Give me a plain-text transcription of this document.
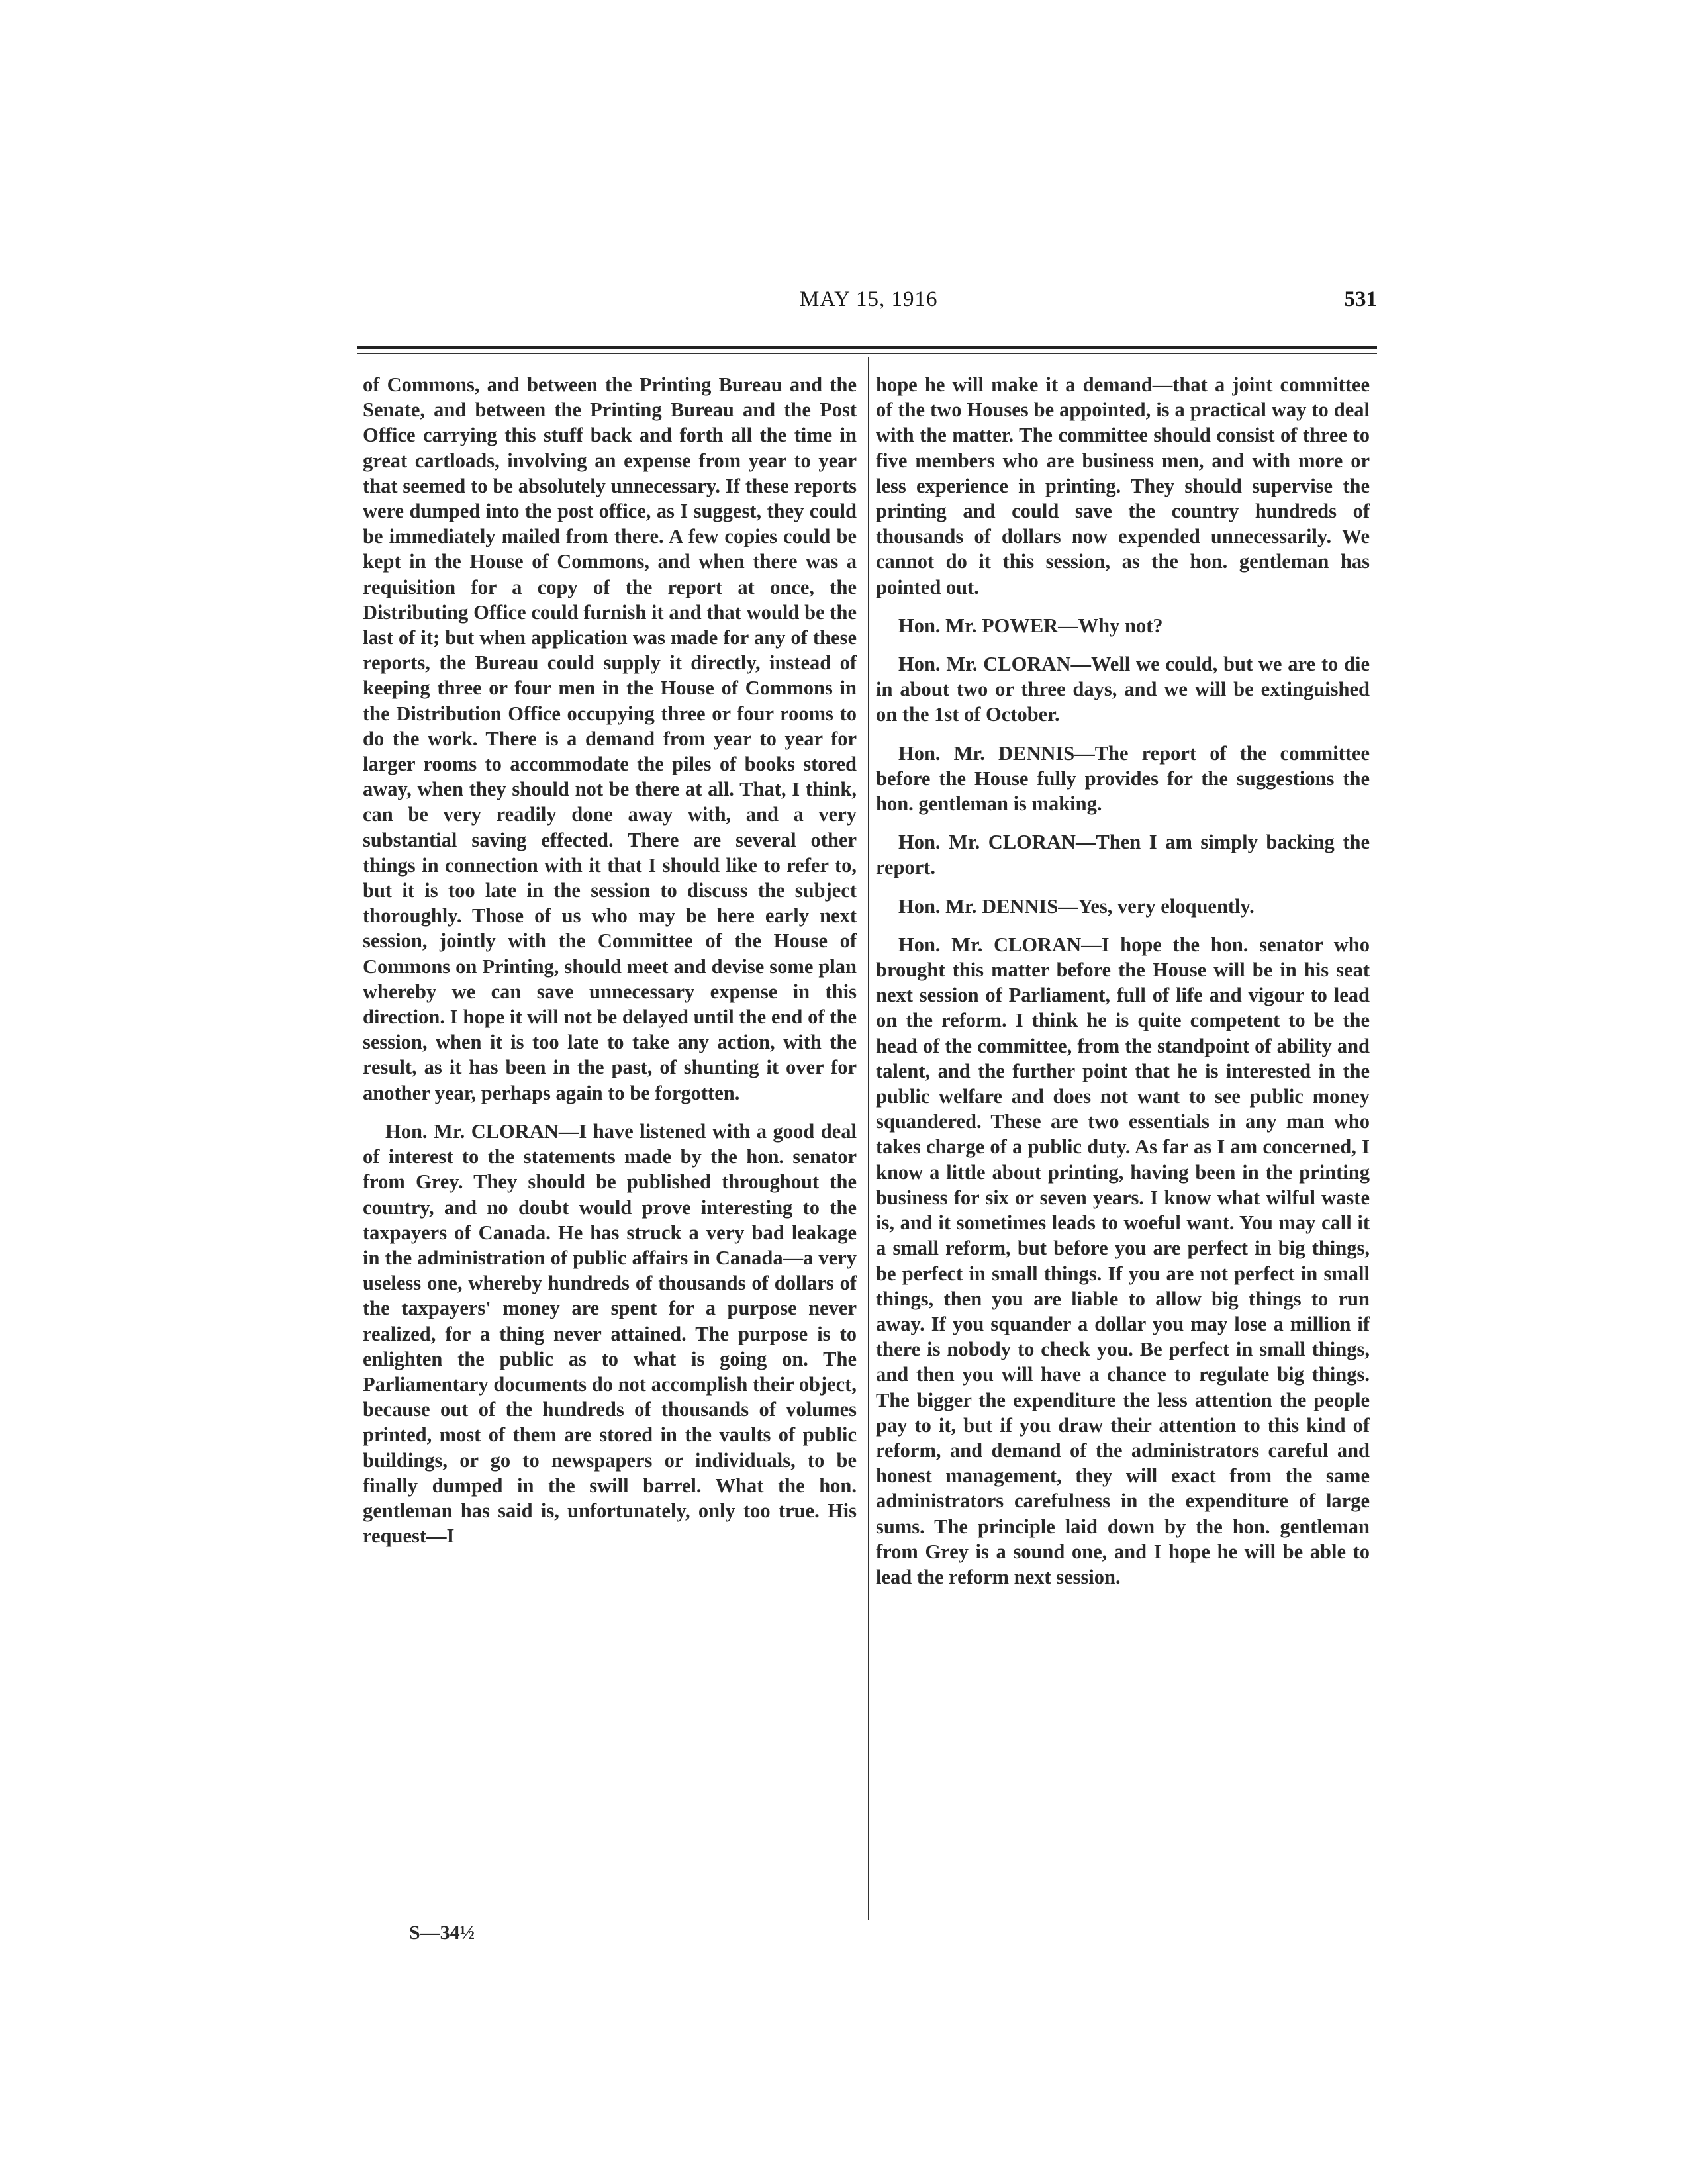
MAY 15, 1916	531

of Commons, and between the Printing Bureau and the Senate, and between the Printing Bureau and the Post Office carrying this stuff back and forth all the time in great cartloads, involving an expense from year to year that seemed to be absolutely unnecessary. If these reports were dumped into the post office, as I suggest, they could be immediately mailed from there. A few copies could be kept in the House of Commons, and when there was a requisition for a copy of the report at once, the Distributing Office could furnish it and that would be the last of it; but when application was made for any of these reports, the Bureau could supply it directly, instead of keeping three or four men in the House of Commons in the Distribution Office occupying three or four rooms to do the work. There is a demand from year to year for larger rooms to accommodate the piles of books stored away, when they should not be there at all. That, I think, can be very readily done away with, and a very substantial saving effected. There are several other things in connection with it that I should like to refer to, but it is too late in the session to discuss the subject thoroughly. Those of us who may be here early next session, jointly with the Committee of the House of Commons on Printing, should meet and devise some plan whereby we can save unnecessary expense in this direction. I hope it will not be delayed until the end of the session, when it is too late to take any action, with the result, as it has been in the past, of shunting it over for another year, perhaps again to be forgotten.

Hon. Mr. CLORAN—I have listened with a good deal of interest to the statements made by the hon. senator from Grey. They should be published throughout the country, and no doubt would prove interesting to the taxpayers of Canada. He has struck a very bad leakage in the administration of public affairs in Canada—a very useless one, whereby hundreds of thousands of dollars of the taxpayers' money are spent for a purpose never realized, for a thing never attained. The purpose is to enlighten the public as to what is going on. The Parliamentary documents do not accomplish their object, because out of the hundreds of thousands of volumes printed, most of them are stored in the vaults of public buildings, or go to newspapers or individuals, to be finally dumped in the swill barrel. What the hon. gentleman has said is, unfortunately, only too true. His request—I

hope he will make it a demand—that a joint committee of the two Houses be appointed, is a practical way to deal with the matter. The committee should consist of three to five members who are business men, and with more or less experience in printing. They should supervise the printing and could save the country hundreds of thousands of dollars now expended unnecessarily. We cannot do it this session, as the hon. gentleman has pointed out.

Hon. Mr. POWER—Why not?

Hon. Mr. CLORAN—Well we could, but we are to die in about two or three days, and we will be extinguished on the 1st of October.

Hon. Mr. DENNIS—The report of the committee before the House fully provides for the suggestions the hon. gentleman is making.

Hon. Mr. CLORAN—Then I am simply backing the report.

Hon. Mr. DENNIS—Yes, very eloquently.

Hon. Mr. CLORAN—I hope the hon. senator who brought this matter before the House will be in his seat next session of Parliament, full of life and vigour to lead on the reform. I think he is quite competent to be the head of the committee, from the standpoint of ability and talent, and the further point that he is interested in the public welfare and does not want to see public money squandered. These are two essentials in any man who takes charge of a public duty. As far as I am concerned, I know a little about printing, having been in the printing business for six or seven years. I know what wilful waste is, and it sometimes leads to woeful want. You may call it a small reform, but before you are perfect in big things, be perfect in small things. If you are not perfect in small things, then you are liable to allow big things to run away. If you squander a dollar you may lose a million if there is nobody to check you. Be perfect in small things, and then you will have a chance to regulate big things. The bigger the expenditure the less attention the people pay to it, but if you draw their attention to this kind of reform, and demand of the administrators careful and honest management, they will exact from the same administrators carefulness in the expenditure of large sums. The principle laid down by the hon. gentleman from Grey is a sound one, and I hope he will be able to lead the reform next session.

S—34½
